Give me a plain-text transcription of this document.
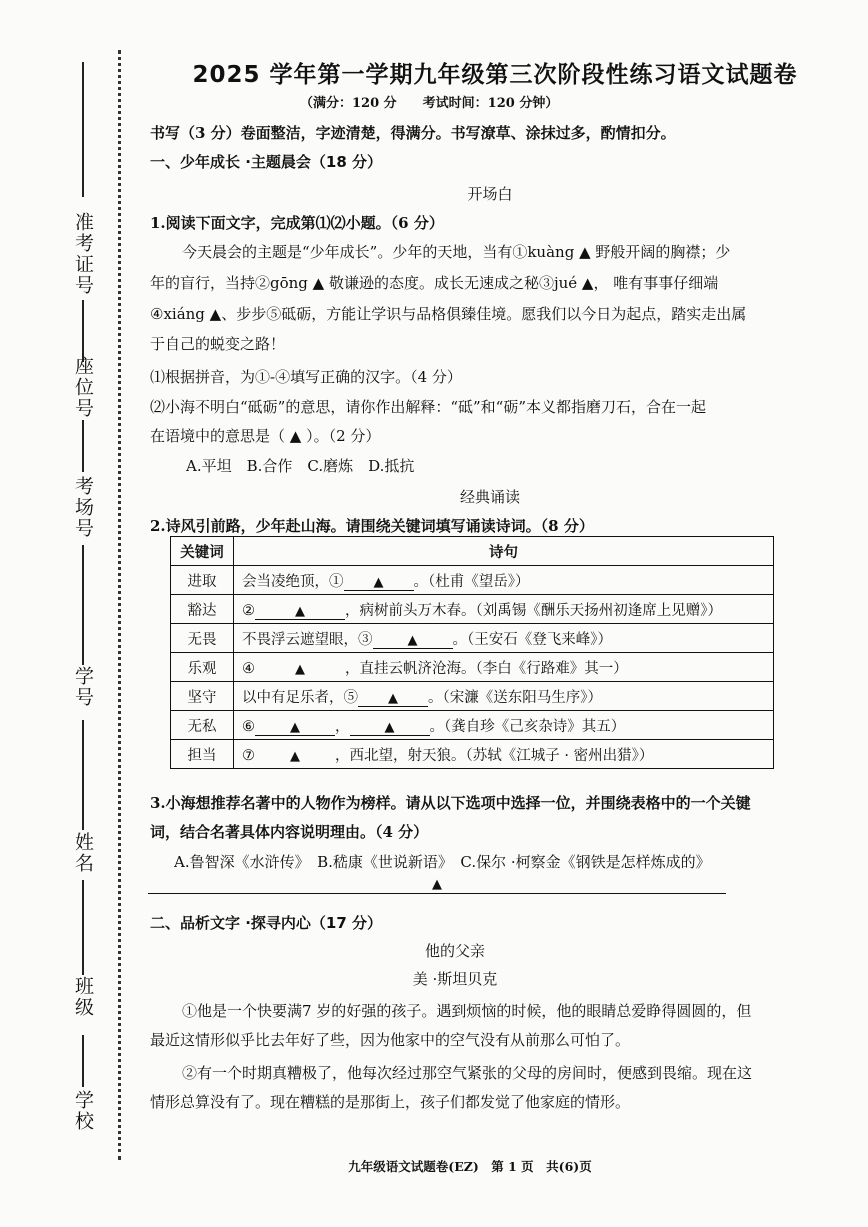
准考证号
座位号
考场号
学号
姓名
班级
学校
2025 学年第一学期九年级第三次阶段性练习语文试题卷
（满分：120 分　　考试时间：120 分钟）
书写（3 分）卷面整洁，字迹清楚，得满分。书写潦草、涂抹过多，酌情扣分。
一、少年成长 ·主题晨会（18 分）
开场白
1.阅读下面文字，完成第⑴⑵小题。（6 分）
今天晨会的主题是“少年成长”。少年的天地，当有①kuàng ▲ 野般开阔的胸襟；少
年的盲行，当持②gōng ▲ 敬谦逊的态度。成长无速成之秘③jué ▲， 唯有事事仔细端
④xiáng ▲、步步⑤砥砺，方能让学识与品格俱臻佳境。愿我们以今日为起点，踏实走出属
于自己的蜕变之路！
⑴根据拼音，为①-④填写正确的汉字。（4 分）
⑵小海不明白“砥砺”的意思，请你作出解释：“砥”和“砺”本义都指磨刀石，合在一起
在语境中的意思是（ ▲ ）。（2 分）
A.平坦　B.合作　C.磨炼　D.抵抗
经典诵读
2.诗风引前路，少年赴山海。请围绕关键词填写诵读诗词。（8 分）
关键词	诗句
进取	会当凌绝顶，① ▲ 。（杜甫《望岳》）
豁达	② ▲ ，病树前头万木春。（刘禹锡《酬乐天扬州初逢席上见赠》）
无畏	不畏浮云遮望眼，③ ▲ 。（王安石《登飞来峰》）
乐观	④ ▲ ，直挂云帆济沧海。（李白《行路难》其一）
坚守	以中有足乐者，⑤ ▲ 。（宋濂《送东阳马生序》）
无私	⑥ ▲ ， ▲ 。（龚自珍《己亥杂诗》其五）
担当	⑦ ▲ ，西北望，射天狼。（苏轼《江城子 · 密州出猎》）
3.小海想推荐名著中的人物作为榜样。请从以下选项中选择一位，并围绕表格中的一个关键
词，结合名著具体内容说明理由。（4 分）
A.鲁智深《水浒传》　B.嵇康《世说新语》　C.保尔 ·柯察金《钢铁是怎样炼成的》
▲
二、品析文字 ·探寻内心（17 分）
他的父亲
美 ·斯坦贝克
①他是一个快要满7 岁的好强的孩子。遇到烦恼的时候，他的眼睛总爱睁得圆圆的，但
最近这情形似乎比去年好了些，因为他家中的空气没有从前那么可怕了。
②有一个时期真糟极了，他每次经过那空气紧张的父母的房间时，便感到畏缩。现在这
情形总算没有了。现在糟糕的是那街上，孩子们都发觉了他家庭的情形。
九年级语文试题卷(EZ)　第 1 页　共(6)页
